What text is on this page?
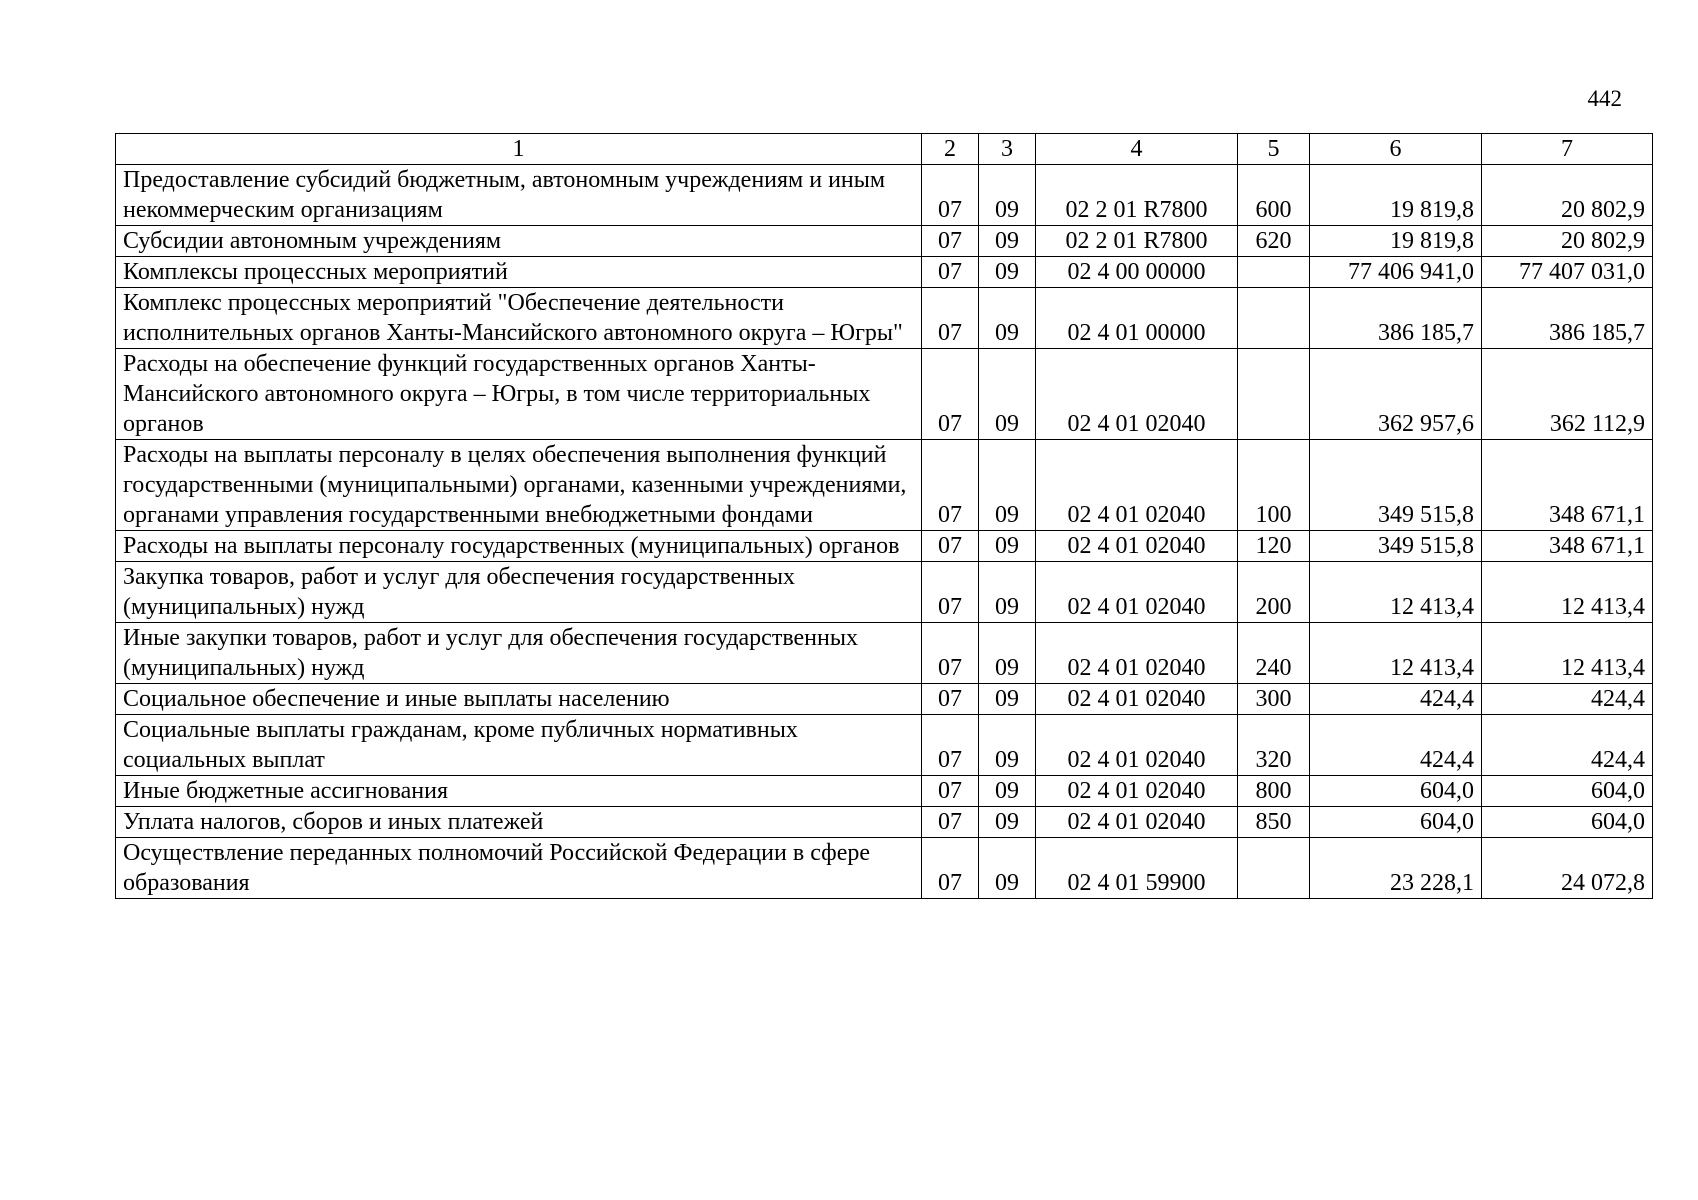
442
1	2	3	4	5	6	7
Предоставление субсидий бюджетным, автономным учреждениям и иным некоммерческим организациям	07	09	02 2 01 R7800	600	19 819,8	20 802,9
Субсидии автономным учреждениям	07	09	02 2 01 R7800	620	19 819,8	20 802,9
Комплексы процессных мероприятий	07	09	02 4 00 00000		77 406 941,0	77 407 031,0
Комплекс процессных мероприятий "Обеспечение деятельности исполнительных органов Ханты-Мансийского автономного округа – Югры"	07	09	02 4 01 00000		386 185,7	386 185,7
Расходы на обеспечение функций государственных органов Ханты-Мансийского автономного округа – Югры, в том числе территориальных органов	07	09	02 4 01 02040		362 957,6	362 112,9
Расходы на выплаты персоналу в целях обеспечения выполнения функций государственными (муниципальными) органами, казенными учреждениями, органами управления государственными внебюджетными фондами	07	09	02 4 01 02040	100	349 515,8	348 671,1
Расходы на выплаты персоналу государственных (муниципальных) органов	07	09	02 4 01 02040	120	349 515,8	348 671,1
Закупка товаров, работ и услуг для обеспечения государственных (муниципальных) нужд	07	09	02 4 01 02040	200	12 413,4	12 413,4
Иные закупки товаров, работ и услуг для обеспечения государственных (муниципальных) нужд	07	09	02 4 01 02040	240	12 413,4	12 413,4
Социальное обеспечение и иные выплаты населению	07	09	02 4 01 02040	300	424,4	424,4
Социальные выплаты гражданам, кроме публичных нормативных социальных выплат	07	09	02 4 01 02040	320	424,4	424,4
Иные бюджетные ассигнования	07	09	02 4 01 02040	800	604,0	604,0
Уплата налогов, сборов и иных платежей	07	09	02 4 01 02040	850	604,0	604,0
Осуществление переданных полномочий Российской Федерации в сфере образования	07	09	02 4 01 59900		23 228,1	24 072,8
